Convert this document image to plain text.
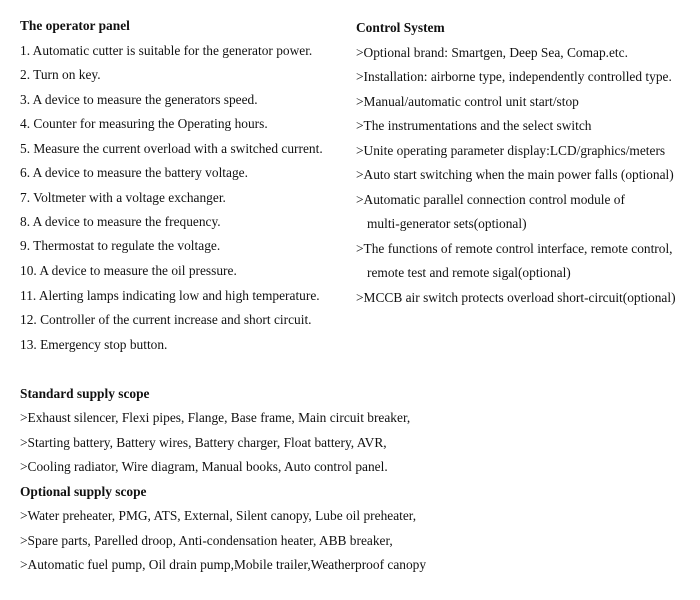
The operator panel
1. Automatic cutter is suitable for the generator power.
2. Turn on key.
3. A device to measure the generators speed.
4. Counter for measuring the Operating hours.
5. Measure the current overload with a switched current.
6. A device to measure the battery voltage.
7. Voltmeter with a voltage exchanger.
8. A device to measure the frequency.
9. Thermostat to regulate the voltage.
10. A device to measure the oil pressure.
11. Alerting lamps indicating low and high temperature.
12. Controller of the current increase and short circuit.
13. Emergency stop button.
Control System
>Optional brand: Smartgen, Deep Sea, Comap.etc.
>Installation: airborne type, independently controlled type.
>Manual/automatic control unit start/stop
>The instrumentations and the select switch
>Unite operating parameter display:LCD/graphics/meters
>Auto start switching when the main power falls (optional)
>Automatic parallel connection control module of
multi-generator sets(optional)
>The functions of remote control interface, remote control,
remote test and remote sigal(optional)
>MCCB air switch protects overload short-circuit(optional)
Standard supply scope
>Exhaust silencer, Flexi pipes, Flange, Base frame, Main circuit breaker,
>Starting battery, Battery wires, Battery charger, Float battery, AVR,
>Cooling radiator, Wire diagram, Manual books, Auto control panel.
Optional supply scope
>Water preheater, PMG, ATS, External, Silent canopy, Lube oil preheater,
>Spare parts, Parelled droop, Anti-condensation heater, ABB breaker,
>Automatic fuel pump, Oil drain pump,Mobile trailer,Weatherproof canopy
